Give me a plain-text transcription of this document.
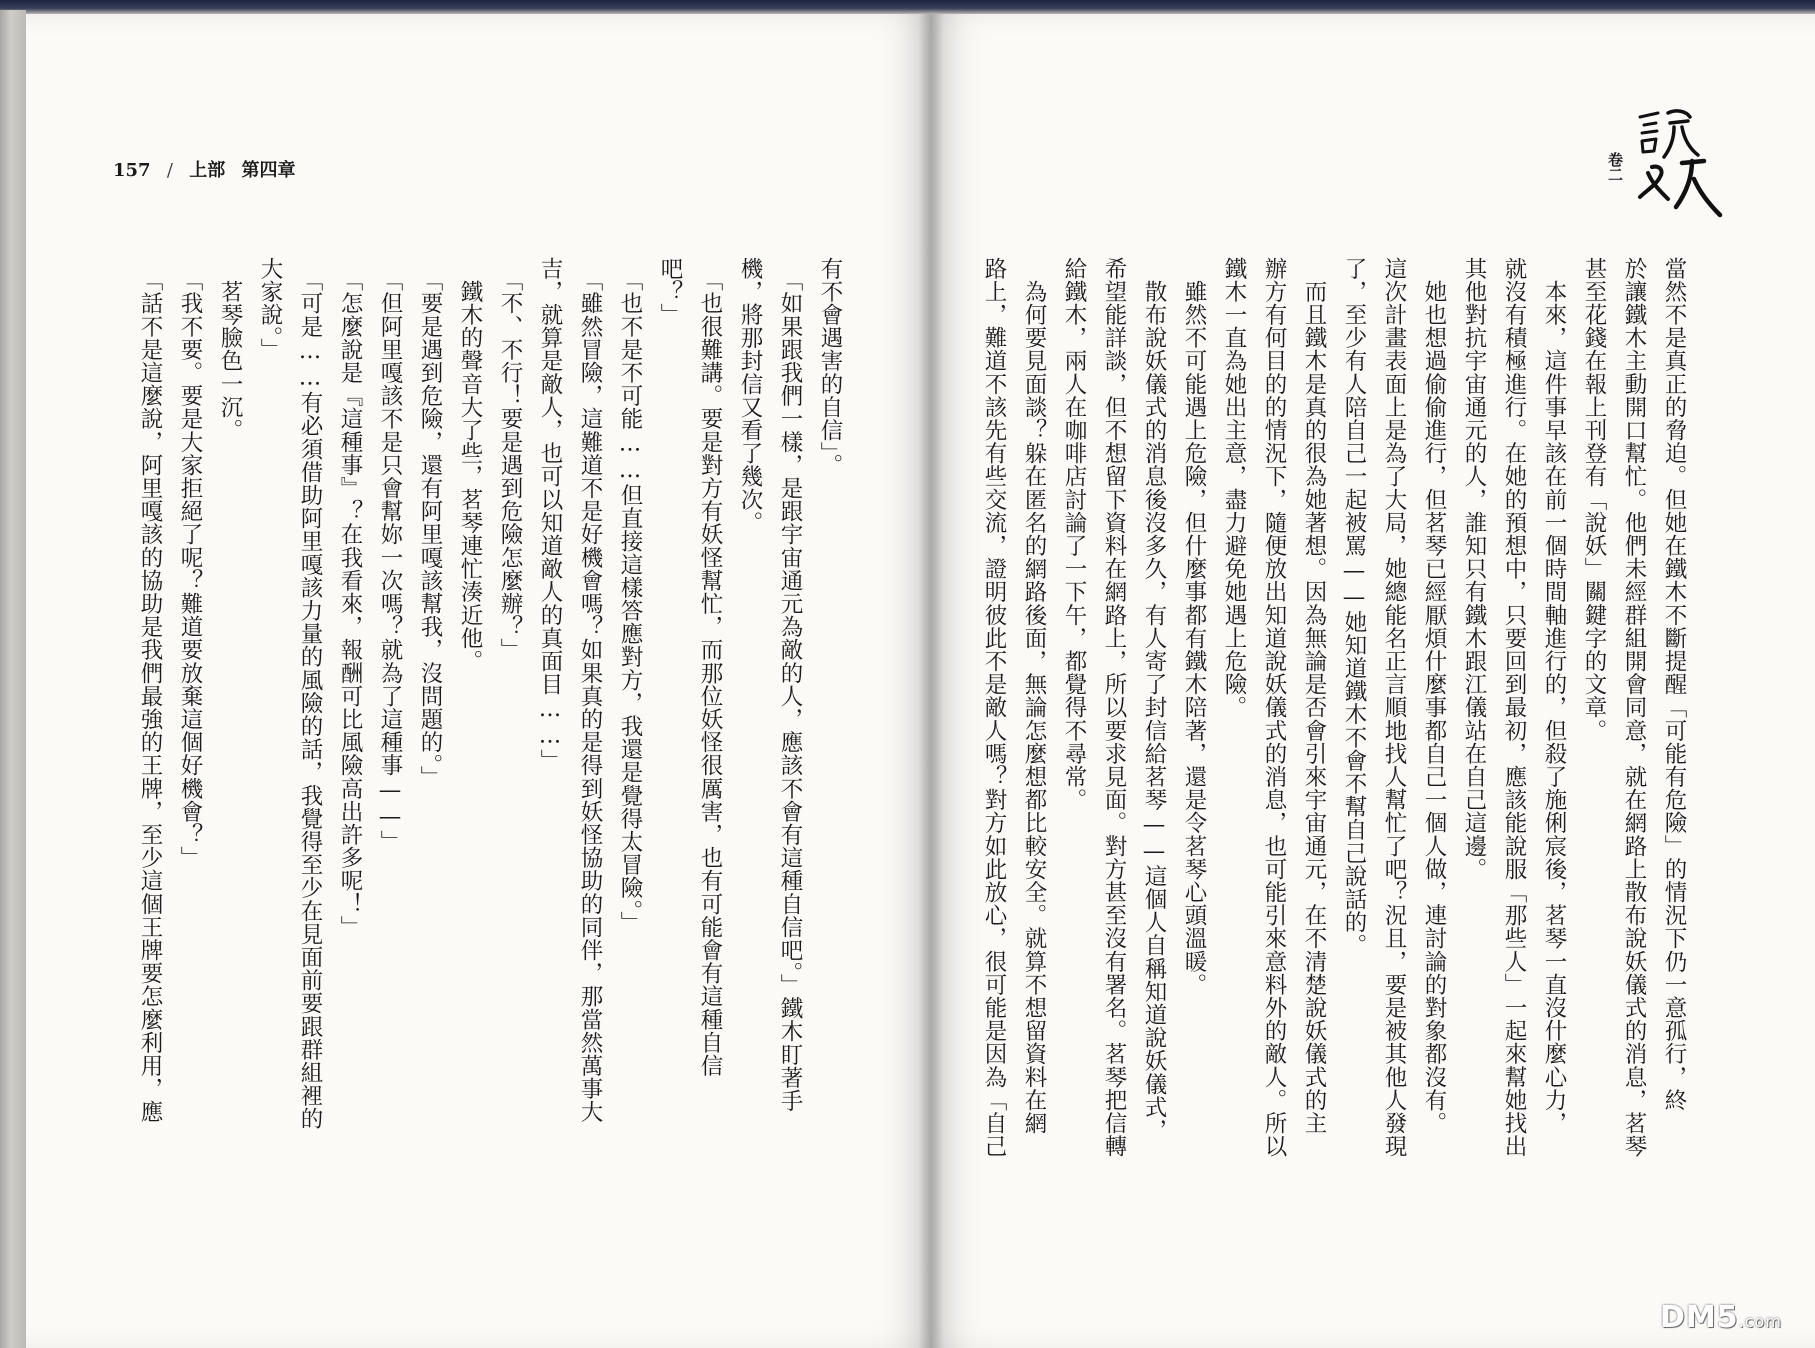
157 / 上部 第四章	卷二
當然不是真正的脅迫。但她在鐵木不斷提醒「可能有危險」的情況下仍一意孤行，終
於讓鐵木主動開口幫忙。他們未經群組開會同意，就在網路上散布說妖儀式的消息，茗琴
甚至花錢在報上刊登有「說妖」關鍵字的文章。
　本來，這件事早該在前一個時間軸進行的，但殺了施俐宸後，茗琴一直沒什麼心力，
就沒有積極進行。在她的預想中，只要回到最初，應該能說服「那些人」一起來幫她找出
其他對抗宇宙通元的人，誰知只有鐵木跟江儀站在自己這邊。
　她也想過偷偷進行，但茗琴已經厭煩什麼事都自己一個人做，連討論的對象都沒有。
這次計畫表面上是為了大局，她總能名正言順地找人幫忙了吧？況且，要是被其他人發現
了，至少有人陪自己一起被罵——她知道鐵木不會不幫自己說話的。
　而且鐵木是真的很為她著想。因為無論是否會引來宇宙通元，在不清楚說妖儀式的主
辦方有何目的的情況下，隨便放出知道說妖儀式的消息，也可能引來意料外的敵人。所以
鐵木一直為她出主意，盡力避免她遇上危險。
　雖然不可能遇上危險，但什麼事都有鐵木陪著，還是令茗琴心頭溫暖。
　散布說妖儀式的消息後沒多久，有人寄了封信給茗琴——這個人自稱知道說妖儀式，
希望能詳談，但不想留下資料在網路上，所以要求見面。對方甚至沒有署名。茗琴把信轉
給鐵木，兩人在咖啡店討論了一下午，都覺得不尋常。
　為何要見面談？躲在匿名的網路後面，無論怎麼想都比較安全。就算不想留資料在網
路上，難道不該先有些交流，證明彼此不是敵人嗎？對方如此放心，很可能是因為「自己
有不會遇害的自信」。
　「如果跟我們一樣，是跟宇宙通元為敵的人，應該不會有這種自信吧。」鐵木盯著手
機，將那封信又看了幾次。
　「也很難講。要是對方有妖怪幫忙，而那位妖怪很厲害，也有可能會有這種自信
吧？」
　「也不是不可能……但直接這樣答應對方，我還是覺得太冒險。」
　「雖然冒險，這難道不是好機會嗎？如果真的是得到妖怪協助的同伴，那當然萬事大
吉，就算是敵人，也可以知道敵人的真面目……」
　「不、不行！要是遇到危險怎麼辦？」
　鐵木的聲音大了些，茗琴連忙湊近他。
　「要是遇到危險，還有阿里嘎該幫我，沒問題的。」
　「但阿里嘎該不是只會幫妳一次嗎？就為了這種事——」
　「怎麼說是『這種事』？在我看來，報酬可比風險高出許多呢！」
　「可是……有必須借助阿里嘎該力量的風險的話，我覺得至少在見面前要跟群組裡的
大家說。」
　茗琴臉色一沉。
　「我不要。要是大家拒絕了呢？難道要放棄這個好機會？」
　「話不是這麼說，阿里嘎該的協助是我們最強的王牌，至少這個王牌要怎麼利用，應
DM5.com
